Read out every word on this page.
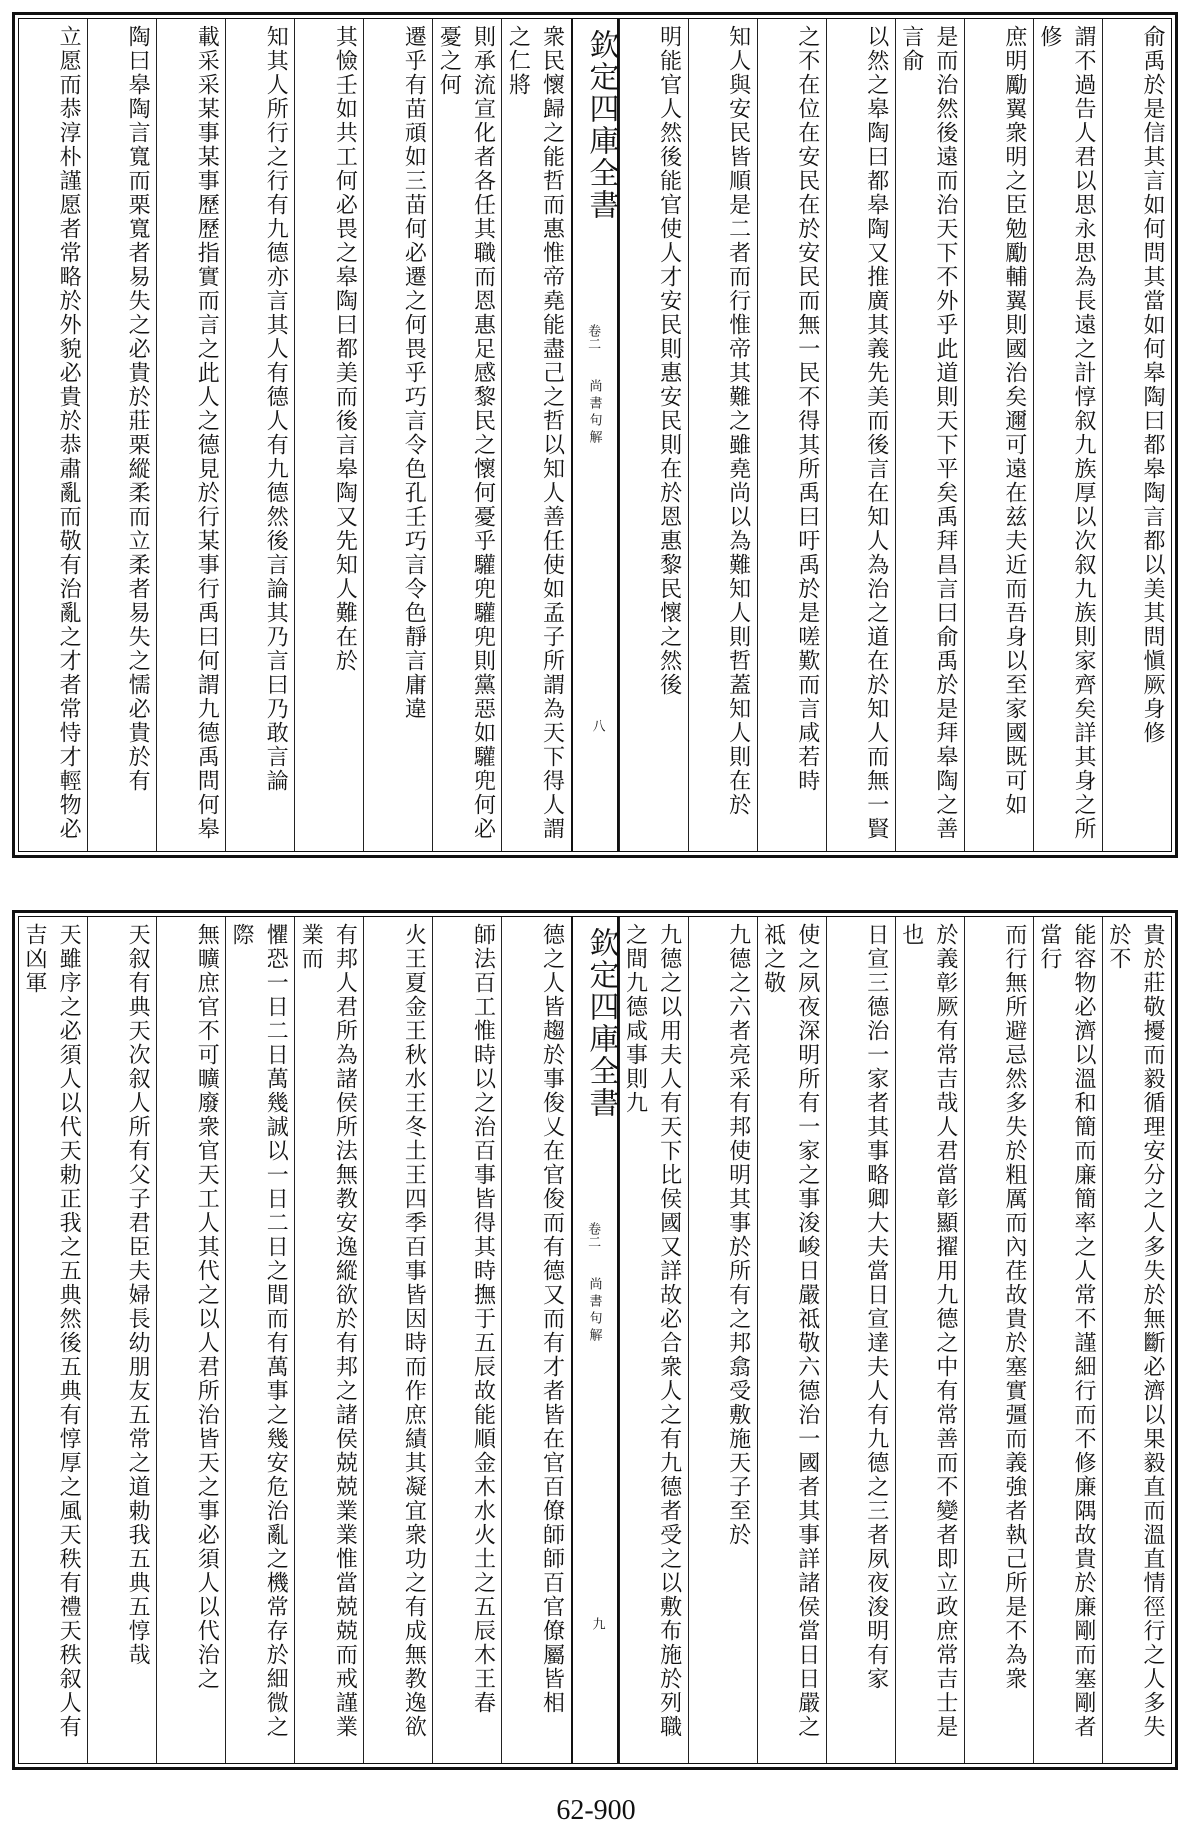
俞禹於是信其言如何問其當如何皋陶曰都皋陶言都以美其問愼厥身修
謂不過告人君以思永思為長遠之計惇叙九族厚以次叙九族則家齊矣詳其身之所修
庶明勵翼衆明之臣勉勵輔翼則國治矣邇可遠在兹夫近而吾身以至家國既可如
是而治然後遠而治天下不外乎此道則天下平矣禹拜昌言曰俞禹於是拜皋陶之善言俞
以然之皋陶曰都皋陶又推廣其義先美而後言在知人為治之道在於知人而無一賢
之不在位在安民在於安民而無一民不得其所禹曰吁禹於是嗟歎而言咸若時
知人與安民皆順是二者而行惟帝其難之雖堯尚以為難知人則哲蓋知人則在於
明能官人然後能官使人才安民則惠安民則在於恩惠黎民懷之然後
欽定四庫全書
卷二
尚書句解
八
衆民懷歸之能哲而惠惟帝堯能盡己之哲以知人善任使如孟子所謂為天下得人謂之仁將
則承流宣化者各任其職而恩惠足感黎民之懷何憂乎驩兜驩兜則黨惡如驩兜何必憂之何
遷乎有苗頑如三苗何必遷之何畏乎巧言令色孔壬巧言令色靜言庸違
其憸壬如共工何必畏之皋陶曰都美而後言皋陶又先知人難在於
知其人所行之行有九德亦言其人有德人有九德然後言論其乃言曰乃敢言論
載采采某事某事歷歷指實而言之此人之德見於行某事行禹曰何謂九德禹問何皋
陶曰皋陶言寬而栗寬者易失之必貴於莊栗縱柔而立柔者易失之懦必貴於有
立愿而恭淳朴謹愿者常略於外貌必貴於恭肅亂而敬有治亂之才者常恃才輕物必
貴於莊敬擾而毅循理安分之人多失於無斷必濟以果毅直而溫直情徑行之人多失於不
能容物必濟以溫和簡而廉簡率之人常不謹細行而不修廉隅故貴於廉剛而塞剛者當行
而行無所避忌然多失於粗厲而內荏故貴於塞實彊而義強者執己所是不為衆
於義彰厥有常吉哉人君當彰顯擢用九德之中有常善而不變者即立政庶常吉士是也
日宣三德治一家者其事略卿大夫當日宣達夫人有九德之三者夙夜浚明有家
使之夙夜深明所有一家之事浚峻日嚴祗敬六德治一國者其事詳諸侯當日日嚴之祗之敬
九德之六者亮采有邦使明其事於所有之邦翕受敷施天子至於
九德之以用夫人有天下比侯國又詳故必合衆人之有九德者受之以敷布施於列職之間九德咸事則九
欽定四庫全書
卷二
尚書句解
九
德之人皆趨於事俊乂在官俊而有德又而有才者皆在官百僚師師百官僚屬皆相
師法百工惟時以之治百事皆得其時撫于五辰故能順金木水火土之五辰木王春
火王夏金王秋水王冬土王四季百事皆因時而作庶績其凝宜衆功之有成無教逸欲
有邦人君所為諸侯所法無教安逸縱欲於有邦之諸侯兢兢業業惟當兢兢而戒謹業業而
懼恐一日二日萬幾誠以一日二日之間而有萬事之幾安危治亂之機常存於細微之際
無曠庶官不可曠廢衆官天工人其代之以人君所治皆天之事必須人以代治之
天叙有典天次叙人所有父子君臣夫婦長幼朋友五常之道勅我五典五惇哉
天雖序之必須人以代天勅正我之五典然後五典有惇厚之風天秩有禮天秩叙人有吉凶軍
62-900
